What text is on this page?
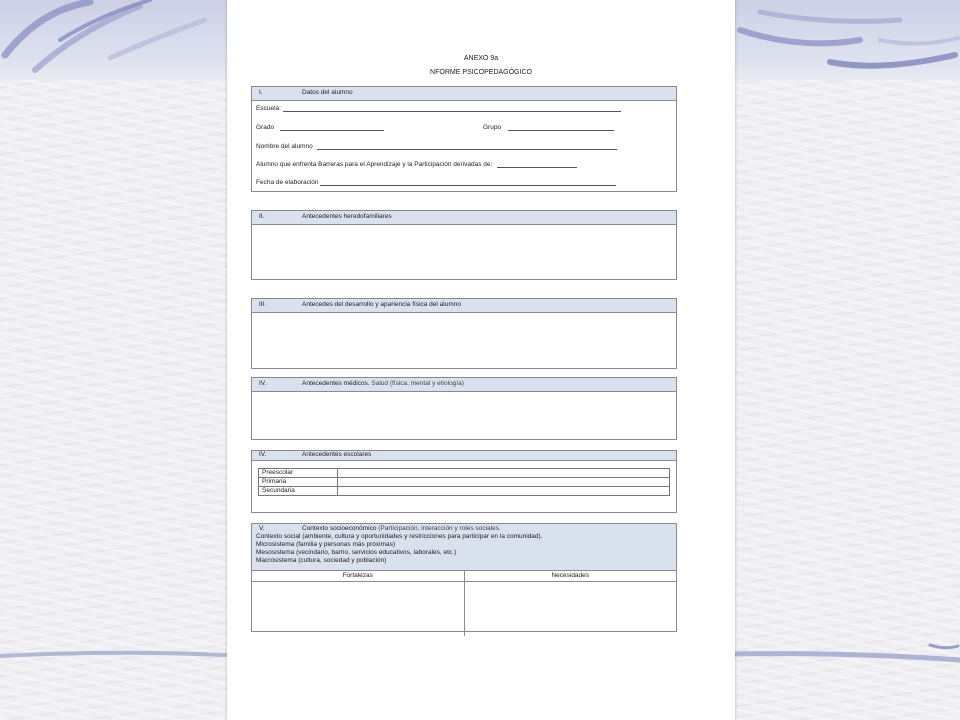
ANEXO 9a
NFORME PSICOPEDAGÓGICO
I.	Datos del alumno
Escuela:
Grado	Grupo
Nombre del alumno
Alumno que enfrenta Barreras para el Aprendizaje y la Participación derivadas de:
Fecha de elaboración
II.	Antecedentes heredofamiliares
III.	Antecedes del desarrollo y apariencia física del alumno
IV.	Antecedentes médicos. Salud (física, mental y etiología)
IV.	Antecedentes escolares
Preescolar	
Primaria	
Secundaria	
V.	Contexto socioeconómico (Participación, interacción y roles sociales.
Contexto social (ambiente, cultura y oportunidades y restricciones para participar en la comunidad).
Microsistema (familia y personas más próximas)
Mesosistema (vecindario, barrio, servicios educativos, laborales, etc.)
Macrosistema (cultura, sociedad y población)
Fortalezas	Necesidades
